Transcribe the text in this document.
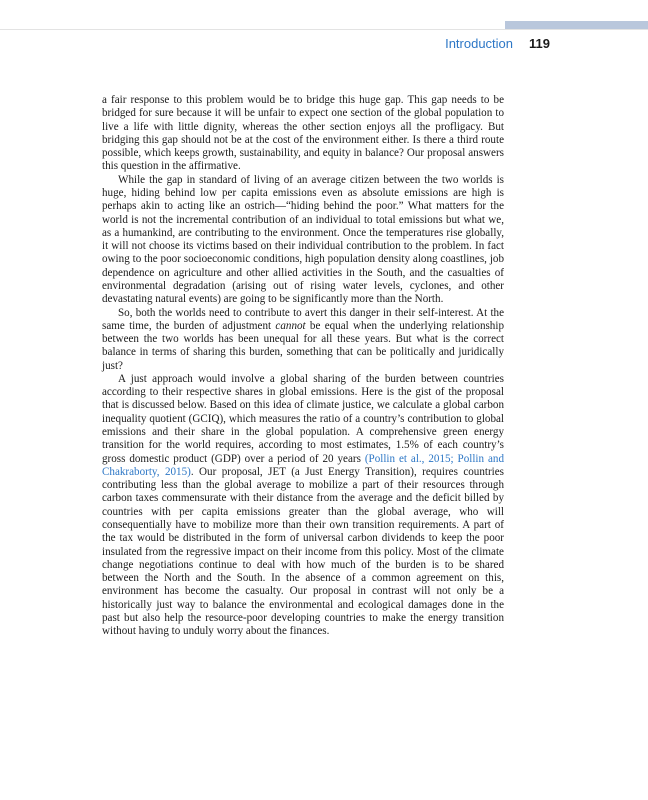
Introduction 119

a fair response to this problem would be to bridge this huge gap. This gap needs to be bridged for sure because it will be unfair to expect one section of the global population to live a life with little dignity, whereas the other section enjoys all the profligacy. But bridging this gap should not be at the cost of the environment either. Is there a third route possible, which keeps growth, sustainability, and equity in balance? Our proposal answers this question in the affirmative.

While the gap in standard of living of an average citizen between the two worlds is huge, hiding behind low per capita emissions even as absolute emissions are high is perhaps akin to acting like an ostrich—“hiding behind the poor.” What matters for the world is not the incremental contribution of an individual to total emissions but what we, as a humankind, are contributing to the environment. Once the temperatures rise globally, it will not choose its victims based on their individual contribution to the problem. In fact owing to the poor socioeconomic conditions, high population density along coastlines, job dependence on agriculture and other allied activities in the South, and the casualties of environmental degradation (arising out of rising water levels, cyclones, and other devastating natural events) are going to be significantly more than the North.

So, both the worlds need to contribute to avert this danger in their self-interest. At the same time, the burden of adjustment cannot be equal when the underlying relationship between the two worlds has been unequal for all these years. But what is the correct balance in terms of sharing this burden, something that can be politically and juridically just?

A just approach would involve a global sharing of the burden between countries according to their respective shares in global emissions. Here is the gist of the proposal that is discussed below. Based on this idea of climate justice, we calculate a global carbon inequality quotient (GCIQ), which measures the ratio of a country’s contribution to global emissions and their share in the global population. A comprehensive green energy transition for the world requires, according to most estimates, 1.5% of each country’s gross domestic product (GDP) over a period of 20 years (Pollin et al., 2015; Pollin and Chakraborty, 2015). Our proposal, JET (a Just Energy Transition), requires countries contributing less than the global average to mobilize a part of their resources through carbon taxes commensurate with their distance from the average and the deficit billed by countries with per capita emissions greater than the global average, who will consequentially have to mobilize more than their own transition requirements. A part of the tax would be distributed in the form of universal carbon dividends to keep the poor insulated from the regressive impact on their income from this policy. Most of the climate change negotiations continue to deal with how much of the burden is to be shared between the North and the South. In the absence of a common agreement on this, environment has become the casualty. Our proposal in contrast will not only be a historically just way to balance the environmental and ecological damages done in the past but also help the resource-poor developing countries to make the energy transition without having to unduly worry about the finances.
